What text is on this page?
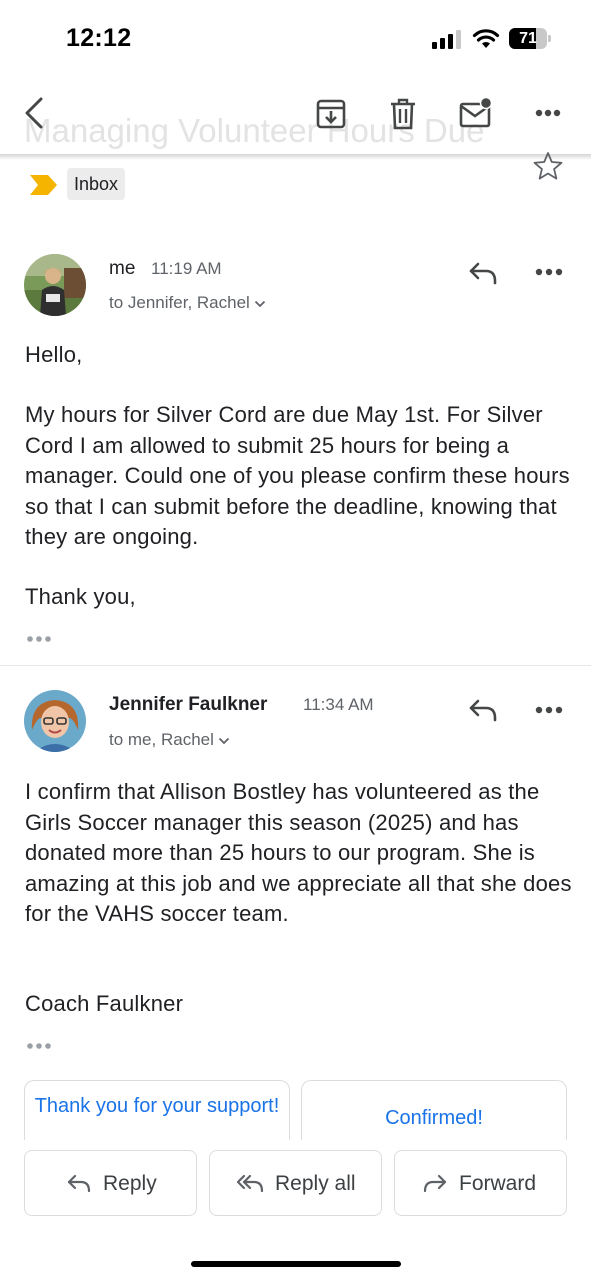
12:12	71
Managing Volunteer Hours Due
Inbox
me 11:19 AM
to Jennifer, Rachel
Hello,
My hours for Silver Cord are due May 1st. For Silver Cord I am allowed to submit 25 hours for being a manager. Could one of you please confirm these hours so that I can submit before the deadline, knowing that they are ongoing.
Thank you,
Jennifer Faulkner 11:34 AM
to me, Rachel
I confirm that Allison Bostley has volunteered as the Girls Soccer manager this season (2025) and has donated more than 25 hours to our program. She is amazing at this job and we appreciate all that she does for the VAHS soccer team.
Coach Faulkner
Thank you for your support!
Confirmed!
Reply	Reply all	Forward
